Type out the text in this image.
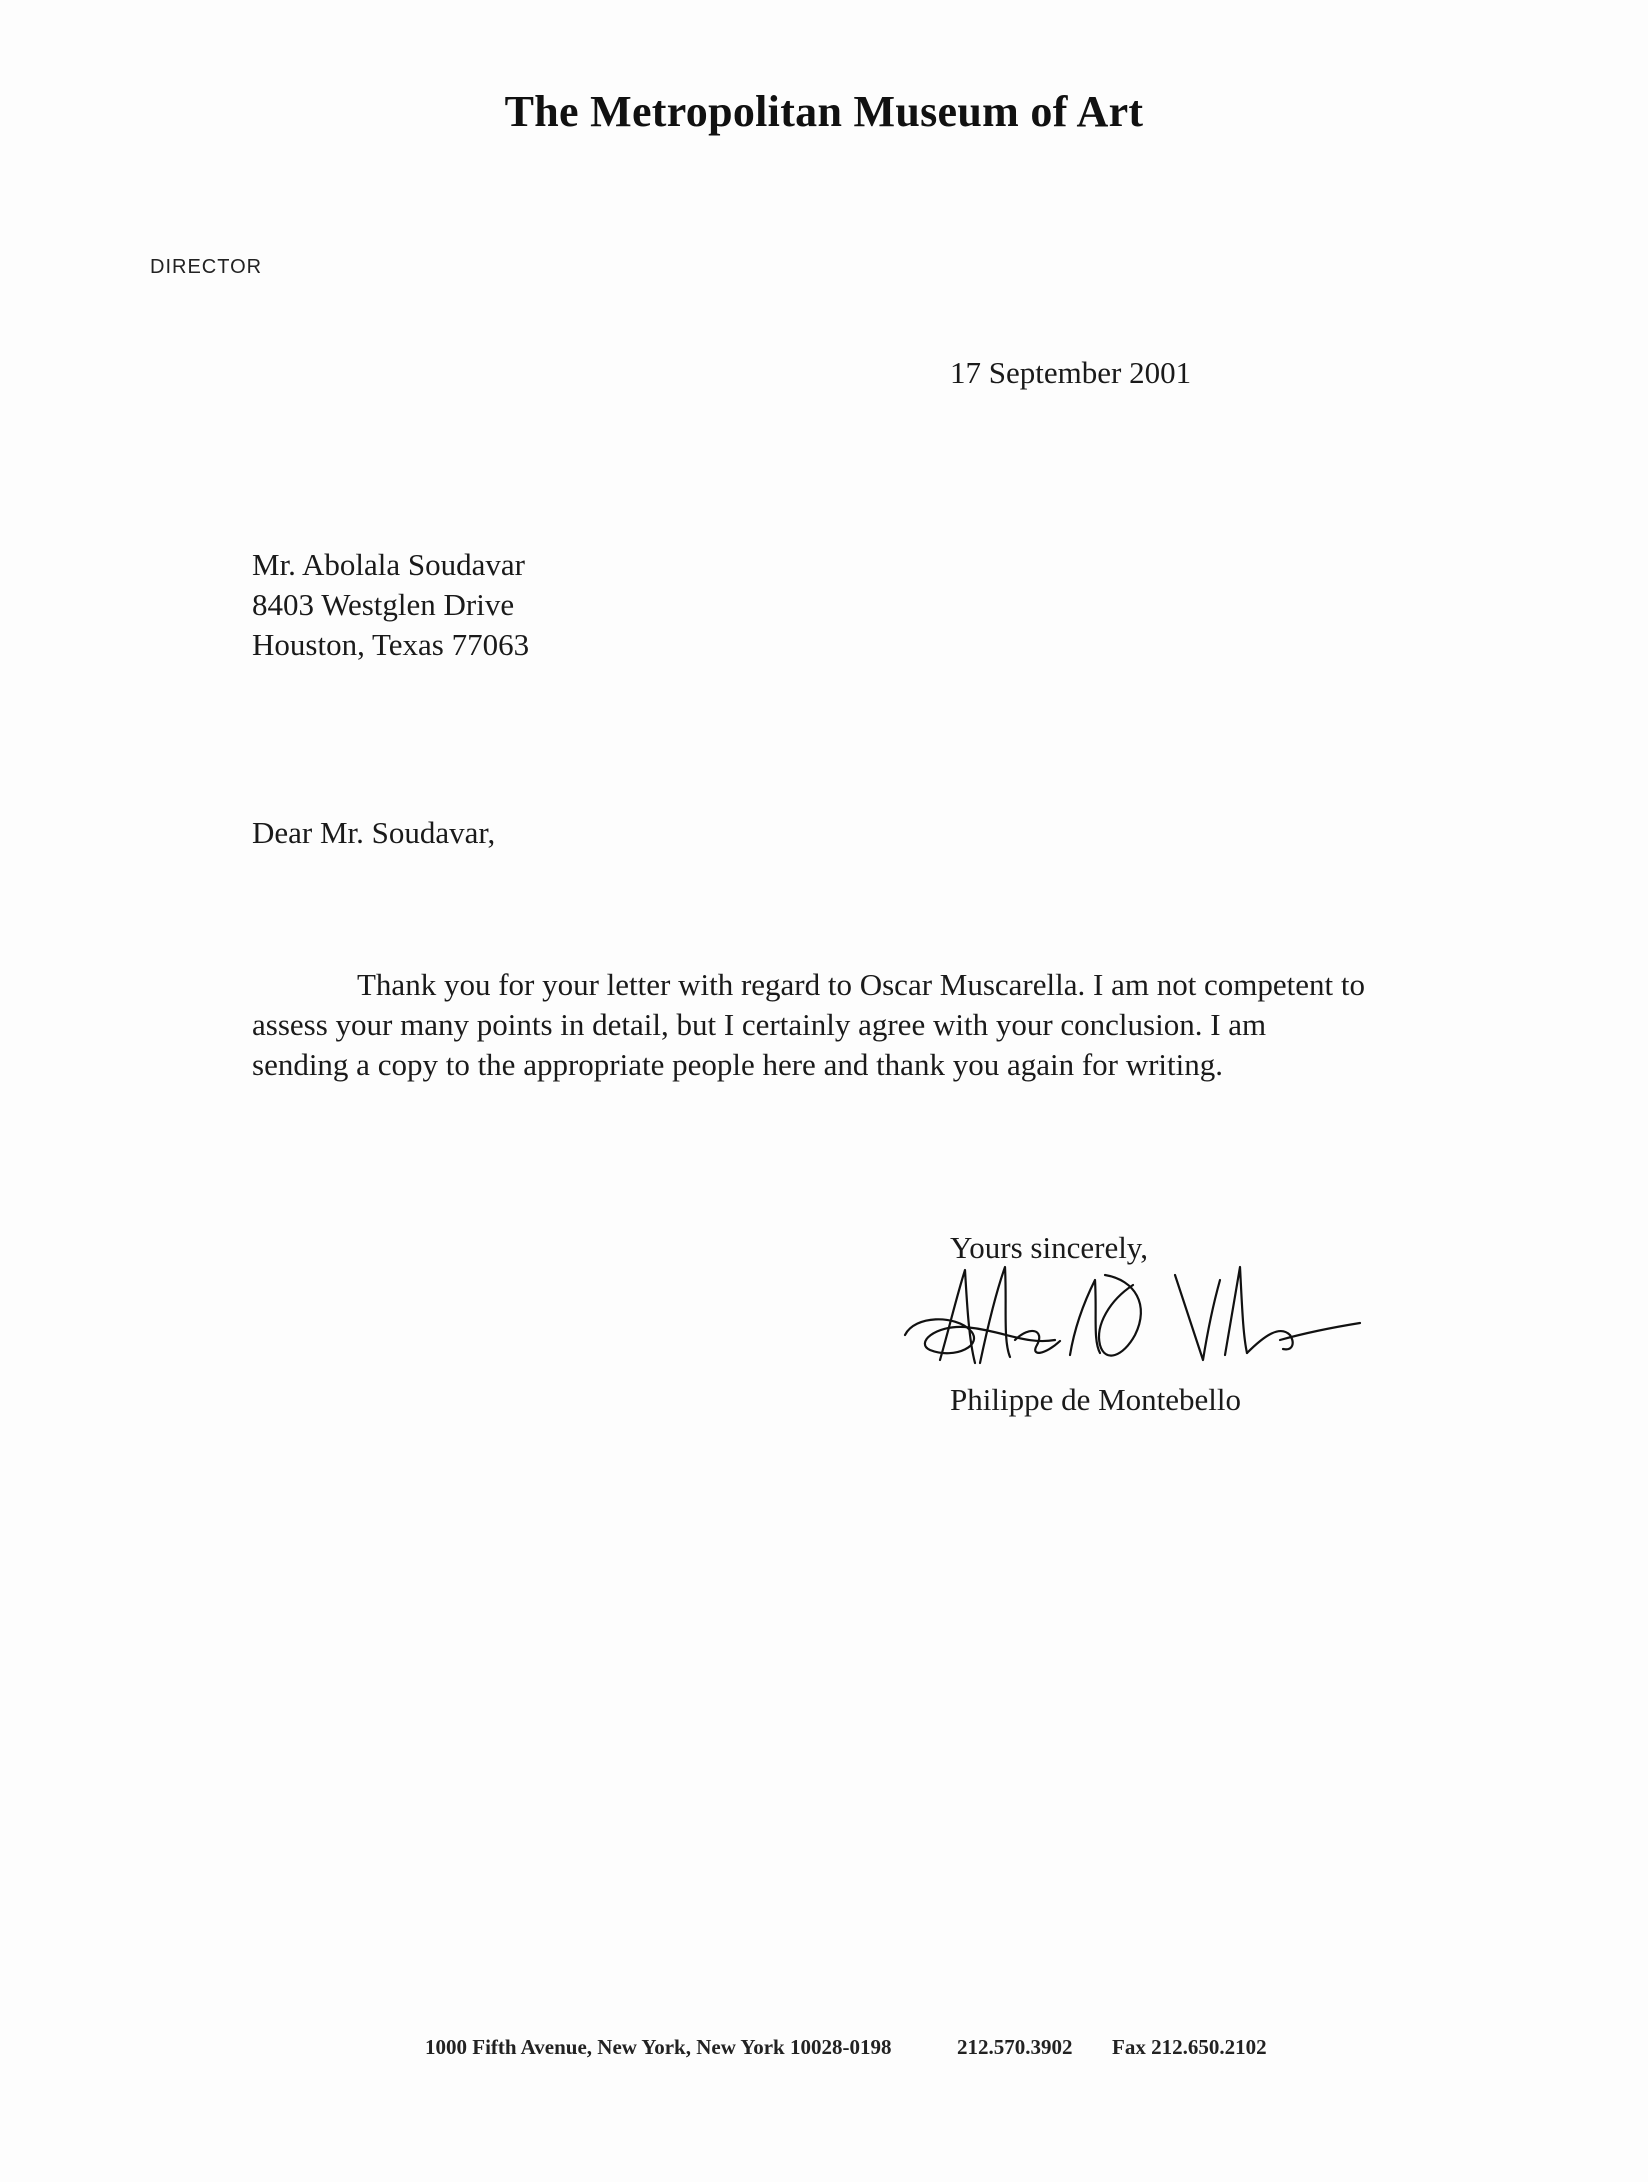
The Metropolitan Museum of Art
DIRECTOR
17 September 2001
Mr. Abolala Soudavar
8403 Westglen Drive
Houston, Texas 77063
Dear Mr. Soudavar,
Thank you for your letter with regard to Oscar Muscarella. I am not competent to
assess your many points in detail, but I certainly agree with your conclusion. I am
sending a copy to the appropriate people here and thank you again for writing.
Yours sincerely,
Philippe de Montebello
1000 Fifth Avenue, New York, New York 10028-0198	212.570.3902 Fax 212.650.2102
